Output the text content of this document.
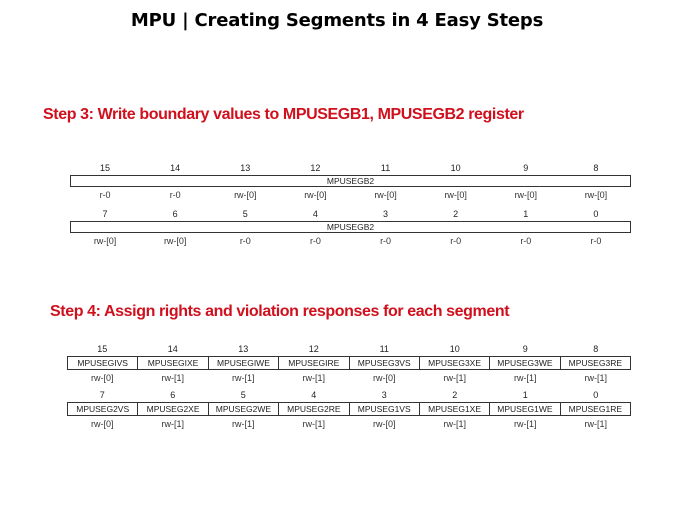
MPU | Creating Segments in 4 Easy Steps
Step 3: Write boundary values to MPUSEGB1, MPUSEGB2 register
15	14	13	12	11	10	9	8
MPUSEGB2
r-0	r-0	rw-[0]	rw-[0]	rw-[0]	rw-[0]	rw-[0]	rw-[0]
7	6	5	4	3	2	1	0
MPUSEGB2
rw-[0]	rw-[0]	r-0	r-0	r-0	r-0	r-0	r-0
Step 4: Assign rights and violation responses for each segment
15	14	13	12	11	10	9	8
MPUSEGIVS	MPUSEGIXE	MPUSEGIWE	MPUSEGIRE	MPUSEG3VS	MPUSEG3XE	MPUSEG3WE	MPUSEG3RE
rw-[0]	rw-[1]	rw-[1]	rw-[1]	rw-[0]	rw-[1]	rw-[1]	rw-[1]
7	6	5	4	3	2	1	0
MPUSEG2VS	MPUSEG2XE	MPUSEG2WE	MPUSEG2RE	MPUSEG1VS	MPUSEG1XE	MPUSEG1WE	MPUSEG1RE
rw-[0]	rw-[1]	rw-[1]	rw-[1]	rw-[0]	rw-[1]	rw-[1]	rw-[1]
